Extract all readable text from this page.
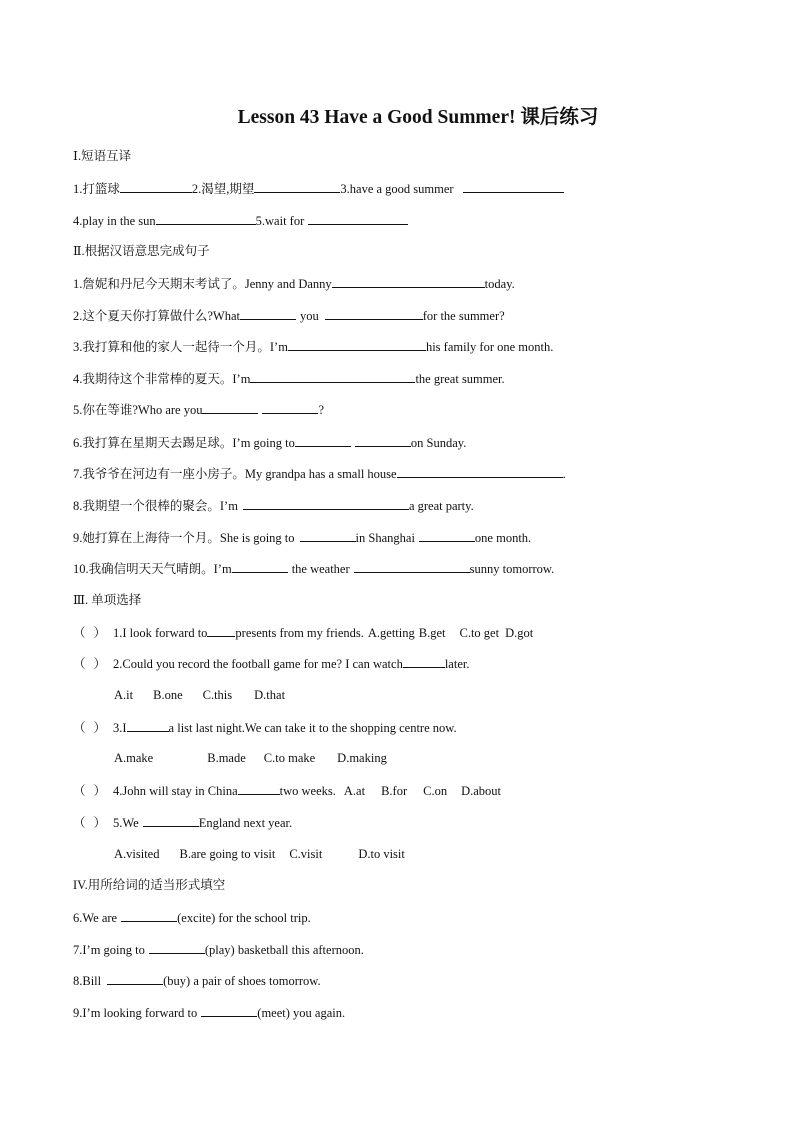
Lesson 43 Have a Good Summer! 课后练习
Ⅰ.短语互译
1.打篮球	2.渴望,期望	3.have a good summer
4.play in the sun	5.wait for
Ⅱ.根据汉语意思完成句子
1.詹妮和丹尼今天期末考试了。Jenny and Danny	today.
2.这个夏天你打算做什么?What	you	for the summer?
3.我打算和他的家人一起待一个月。I’m	his family for one month.
4.我期待这个非常棒的夏天。I’m	the great summer.
5.你在等谁?Who are you	?
6.我打算在星期天去踢足球。I’m going to	on Sunday.
7.我爷爷在河边有一座小房子。My grandpa has a small house	.
8.我期望一个很棒的聚会。I’m	a great party.
9.她打算在上海待一个月。She is going to	in Shanghai	one month.
10.我确信明天天气晴朗。I’m	the weather	sunny tomorrow.
Ⅲ. 单项选择
（ ） 1.I look forward to presents from my friends. A.getting B.get C.to get D.got
（ ） 2.Could you record the football game for me? I can watch	later.
A.it B.one C.this D.that
（ ） 3.I	a list last night.We can take it to the shopping centre now.
A.make	B.made C.to make D.making
（ ） 4.John will stay in China	two weeks. A.at B.for C.on D.about
（ ） 5.We	England next year.
A.visited B.are going to visit C.visit	D.to visit
IV.用所给词的适当形式填空
6.We are	(excite) for the school trip.
7.I’m going to	(play) basketball this afternoon.
8.Bill	(buy) a pair of shoes tomorrow.
9.I’m looking forward to	(meet) you again.
